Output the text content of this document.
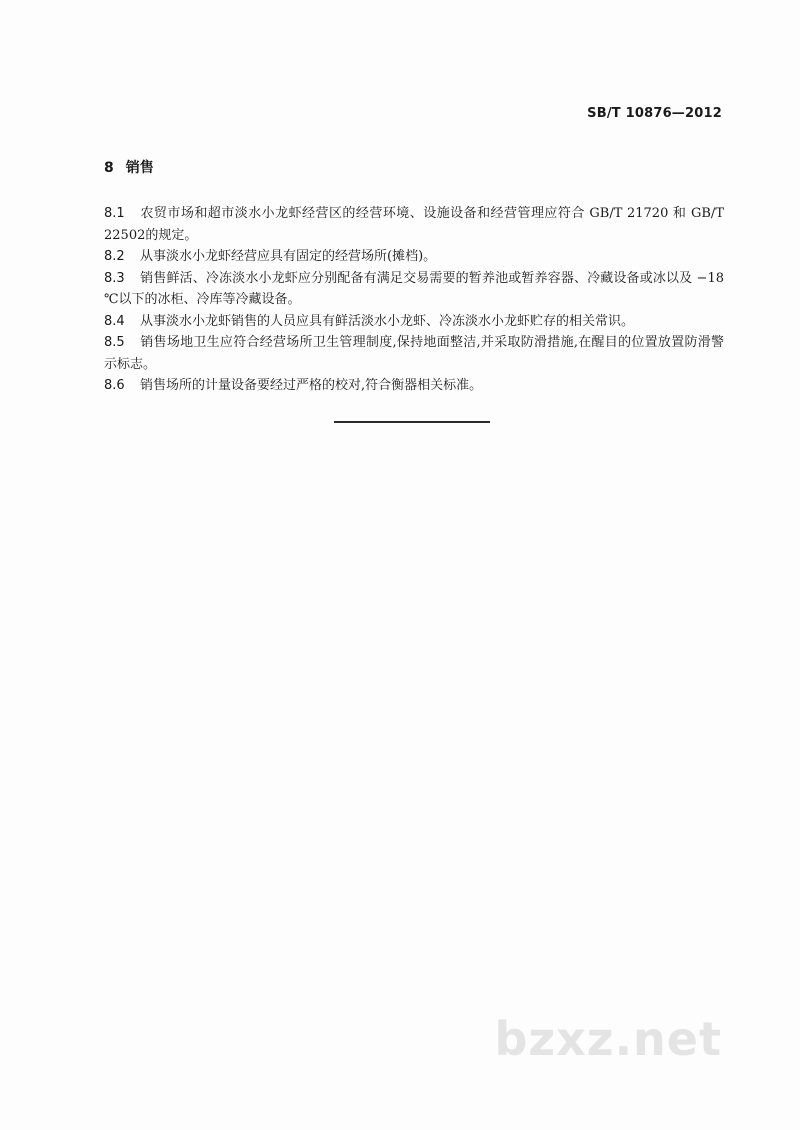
SB/T 10876—2012
8 销售

8.1 农贸市场和超市淡水小龙虾经营区的经营环境、设施设备和经营管理应符合 GB/T 21720 和 GB/T 22502的规定。

8.2 从事淡水小龙虾经营应具有固定的经营场所(摊档)。

8.3 销售鲜活、冷冻淡水小龙虾应分别配备有满足交易需要的暂养池或暂养容器、冷藏设备或冰以及 −18 ℃以下的冰柜、冷库等冷藏设备。

8.4 从事淡水小龙虾销售的人员应具有鲜活淡水小龙虾、冷冻淡水小龙虾贮存的相关常识。

8.5 销售场地卫生应符合经营场所卫生管理制度,保持地面整洁,并采取防滑措施,在醒目的位置放置防滑警示标志。

8.6 销售场所的计量设备要经过严格的校对,符合衡器相关标准。

bzxz.net
